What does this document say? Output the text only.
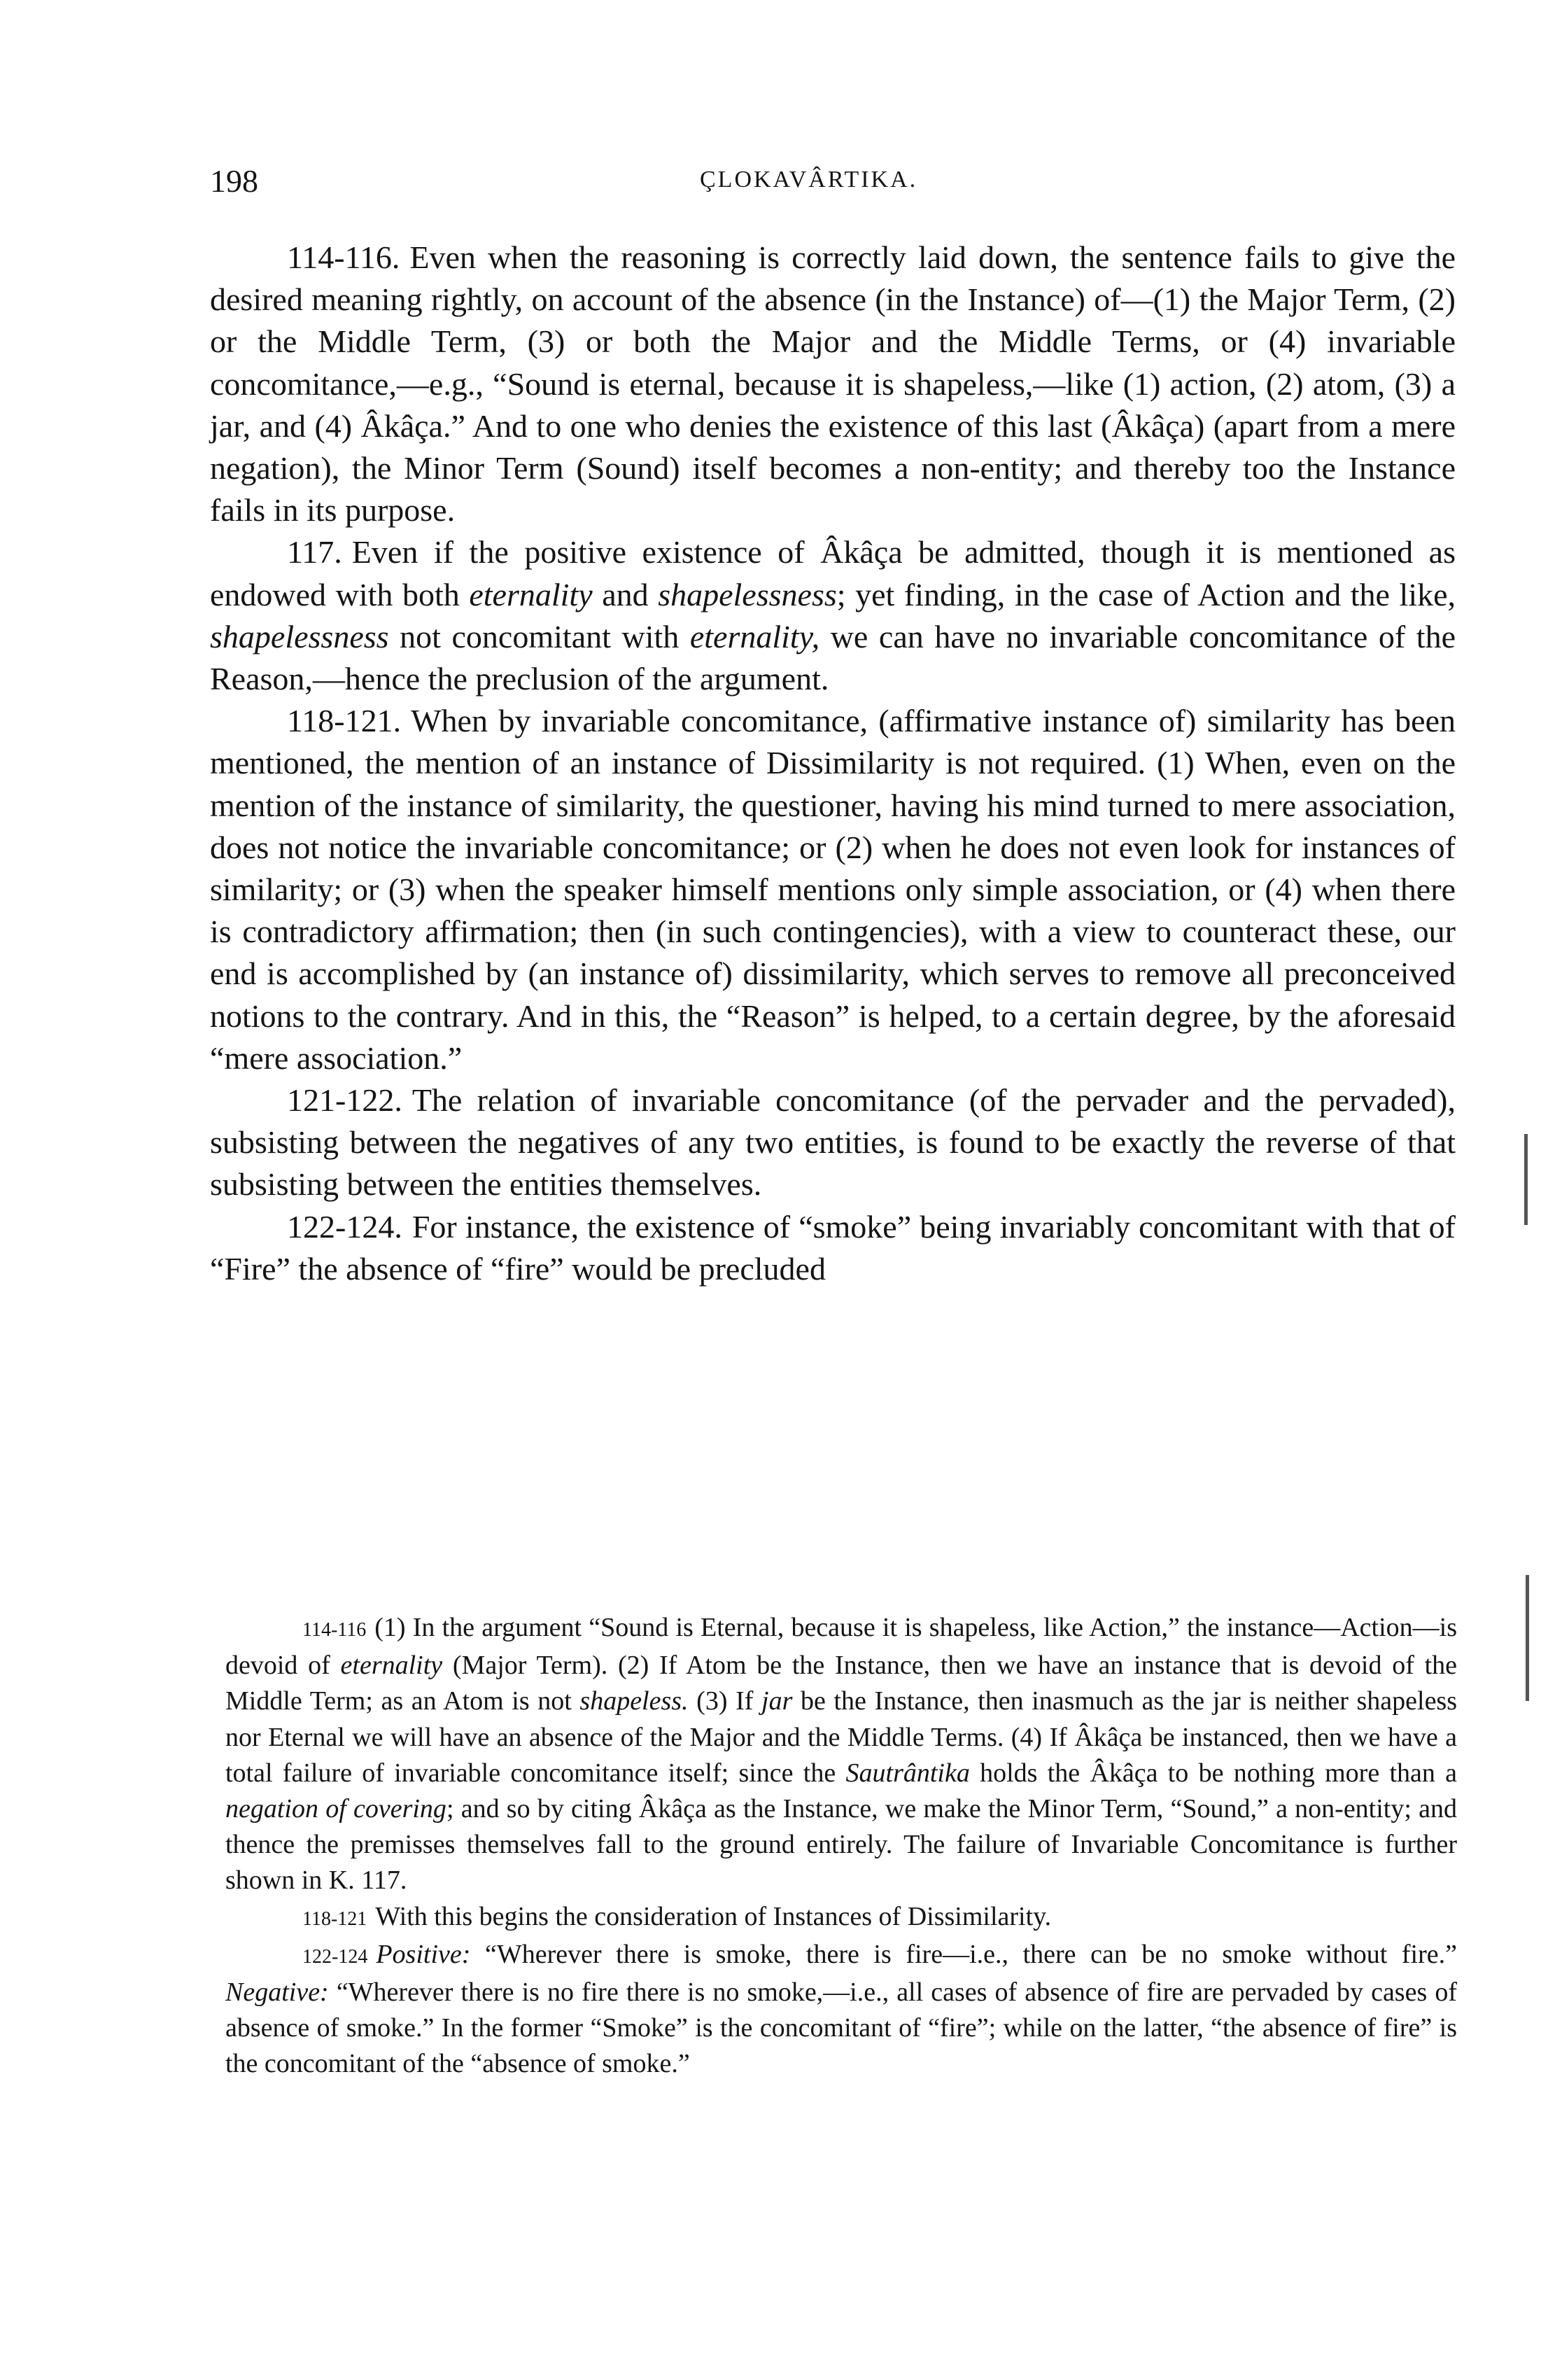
198	ÇLOKAVÂRTIKA.

114-116. Even when the reasoning is correctly laid down, the sentence fails to give the desired meaning rightly, on account of the absence (in the Instance) of—(1) the Major Term, (2) or the Middle Term, (3) or both the Major and the Middle Terms, or (4) invariable concomitance,—e.g., “Sound is eternal, because it is shapeless,—like (1) action, (2) atom, (3) a jar, and (4) Âkâça.” And to one who denies the existence of this last (Âkâça) (apart from a mere negation), the Minor Term (Sound) itself becomes a non-entity; and thereby too the Instance fails in its purpose.

117. Even if the positive existence of Âkâça be admitted, though it is mentioned as endowed with both eternality and shapelessness; yet finding, in the case of Action and the like, shapelessness not concomitant with eternality, we can have no invariable concomitance of the Reason,—hence the preclusion of the argument.

118-121. When by invariable concomitance, (affirmative instance of) similarity has been mentioned, the mention of an instance of Dissimilarity is not required. (1) When, even on the mention of the instance of similarity, the questioner, having his mind turned to mere association, does not notice the invariable concomitance; or (2) when he does not even look for instances of similarity; or (3) when the speaker himself mentions only simple association, or (4) when there is contradictory affirmation; then (in such contingencies), with a view to counteract these, our end is accomplished by (an instance of) dissimilarity, which serves to remove all preconceived notions to the contrary. And in this, the “Reason” is helped, to a certain degree, by the aforesaid “mere association.”

121-122. The relation of invariable concomitance (of the pervader and the pervaded), subsisting between the negatives of any two entities, is found to be exactly the reverse of that subsisting between the entities themselves.

122-124. For instance, the existence of “smoke” being invariably concomitant with that of “Fire” the absence of “fire” would be precluded

114-116 (1) In the argument “Sound is Eternal, because it is shapeless, like Action,” the instance—Action—is devoid of eternality (Major Term). (2) If Atom be the Instance, then we have an instance that is devoid of the Middle Term; as an Atom is not shapeless. (3) If jar be the Instance, then inasmuch as the jar is neither shapeless nor Eternal we will have an absence of the Major and the Middle Terms. (4) If Âkâça be instanced, then we have a total failure of invariable concomitance itself; since the Sautrântika holds the Âkâça to be nothing more than a negation of covering; and so by citing Âkâça as the Instance, we make the Minor Term, “Sound,” a non-entity; and thence the premisses themselves fall to the ground entirely. The failure of Invariable Concomitance is further shown in K. 117.

118-121 With this begins the consideration of Instances of Dissimilarity.

122-124 Positive: “Wherever there is smoke, there is fire—i.e., there can be no smoke without fire.” Negative: “Wherever there is no fire there is no smoke,—i.e., all cases of absence of fire are pervaded by cases of absence of smoke.” In the former “Smoke” is the concomitant of “fire”; while on the latter, “the absence of fire” is the concomitant of the “absence of smoke.”
